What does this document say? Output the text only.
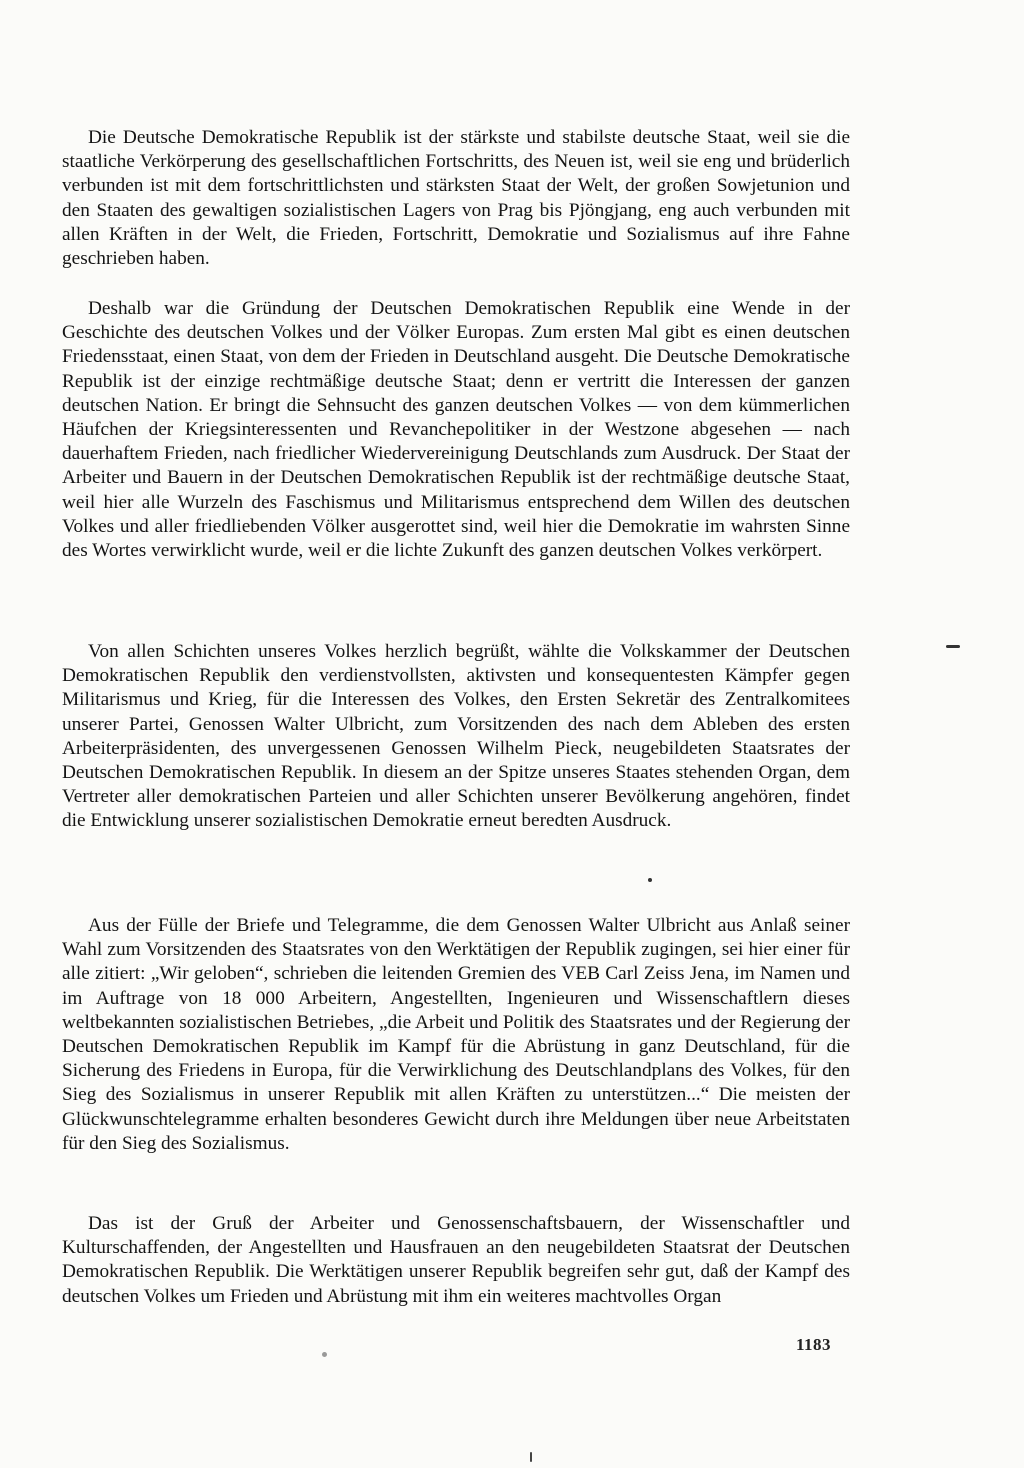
Die Deutsche Demokratische Republik ist der stärkste und stabilste deutsche Staat, weil sie die staatliche Verkörperung des gesellschaftlichen Fortschritts, des Neuen ist, weil sie eng und brüderlich verbunden ist mit dem fortschrittlichsten und stärksten Staat der Welt, der großen Sowjetunion und den Staaten des gewaltigen sozialistischen Lagers von Prag bis Pjöngjang, eng auch verbunden mit allen Kräften in der Welt, die Frieden, Fortschritt, Demokratie und Sozialismus auf ihre Fahne geschrieben haben.

Deshalb war die Gründung der Deutschen Demokratischen Republik eine Wende in der Geschichte des deutschen Volkes und der Völker Europas. Zum ersten Mal gibt es einen deutschen Friedensstaat, einen Staat, von dem der Frieden in Deutschland ausgeht. Die Deutsche Demokratische Republik ist der einzige rechtmäßige deutsche Staat; denn er vertritt die Interessen der ganzen deutschen Nation. Er bringt die Sehnsucht des ganzen deutschen Volkes — von dem kümmerlichen Häufchen der Kriegsinteressenten und Revanchepolitiker in der Westzone abgesehen — nach dauerhaftem Frieden, nach friedlicher Wiedervereinigung Deutschlands zum Ausdruck. Der Staat der Arbeiter und Bauern in der Deutschen Demokratischen Republik ist der rechtmäßige deutsche Staat, weil hier alle Wurzeln des Faschismus und Militarismus entsprechend dem Willen des deutschen Volkes und aller friedliebenden Völker ausgerottet sind, weil hier die Demokratie im wahrsten Sinne des Wortes verwirklicht wurde, weil er die lichte Zukunft des ganzen deutschen Volkes verkörpert.

Von allen Schichten unseres Volkes herzlich begrüßt, wählte die Volkskammer der Deutschen Demokratischen Republik den verdienstvollsten, aktivsten und konsequentesten Kämpfer gegen Militarismus und Krieg, für die Interessen des Volkes, den Ersten Sekretär des Zentralkomitees unserer Partei, Genossen Walter Ulbricht, zum Vorsitzenden des nach dem Ableben des ersten Arbeiterpräsidenten, des unvergessenen Genossen Wilhelm Pieck, neugebildeten Staatsrates der Deutschen Demokratischen Republik. In diesem an der Spitze unseres Staates stehenden Organ, dem Vertreter aller demokratischen Parteien und aller Schichten unserer Bevölkerung angehören, findet die Entwicklung unserer sozialistischen Demokratie erneut beredten Ausdruck.

Aus der Fülle der Briefe und Telegramme, die dem Genossen Walter Ulbricht aus Anlaß seiner Wahl zum Vorsitzenden des Staatsrates von den Werktätigen der Republik zugingen, sei hier einer für alle zitiert: „Wir geloben“, schrieben die leitenden Gremien des VEB Carl Zeiss Jena, im Namen und im Auftrage von 18 000 Arbeitern, Angestellten, Ingenieuren und Wissenschaftlern dieses weltbekannten sozialistischen Betriebes, „die Arbeit und Politik des Staatsrates und der Regierung der Deutschen Demokratischen Republik im Kampf für die Abrüstung in ganz Deutschland, für die Sicherung des Friedens in Europa, für die Verwirklichung des Deutschlandplans des Volkes, für den Sieg des Sozialismus in unserer Republik mit allen Kräften zu unterstützen...“ Die meisten der Glückwunschtelegramme erhalten besonderes Gewicht durch ihre Meldungen über neue Arbeitstaten für den Sieg des Sozialismus.

Das ist der Gruß der Arbeiter und Genossenschaftsbauern, der Wissenschaftler und Kulturschaffenden, der Angestellten und Hausfrauen an den neugebildeten Staatsrat der Deutschen Demokratischen Republik. Die Werktätigen unserer Republik begreifen sehr gut, daß der Kampf des deutschen Volkes um Frieden und Abrüstung mit ihm ein weiteres machtvolles Organ

1183
